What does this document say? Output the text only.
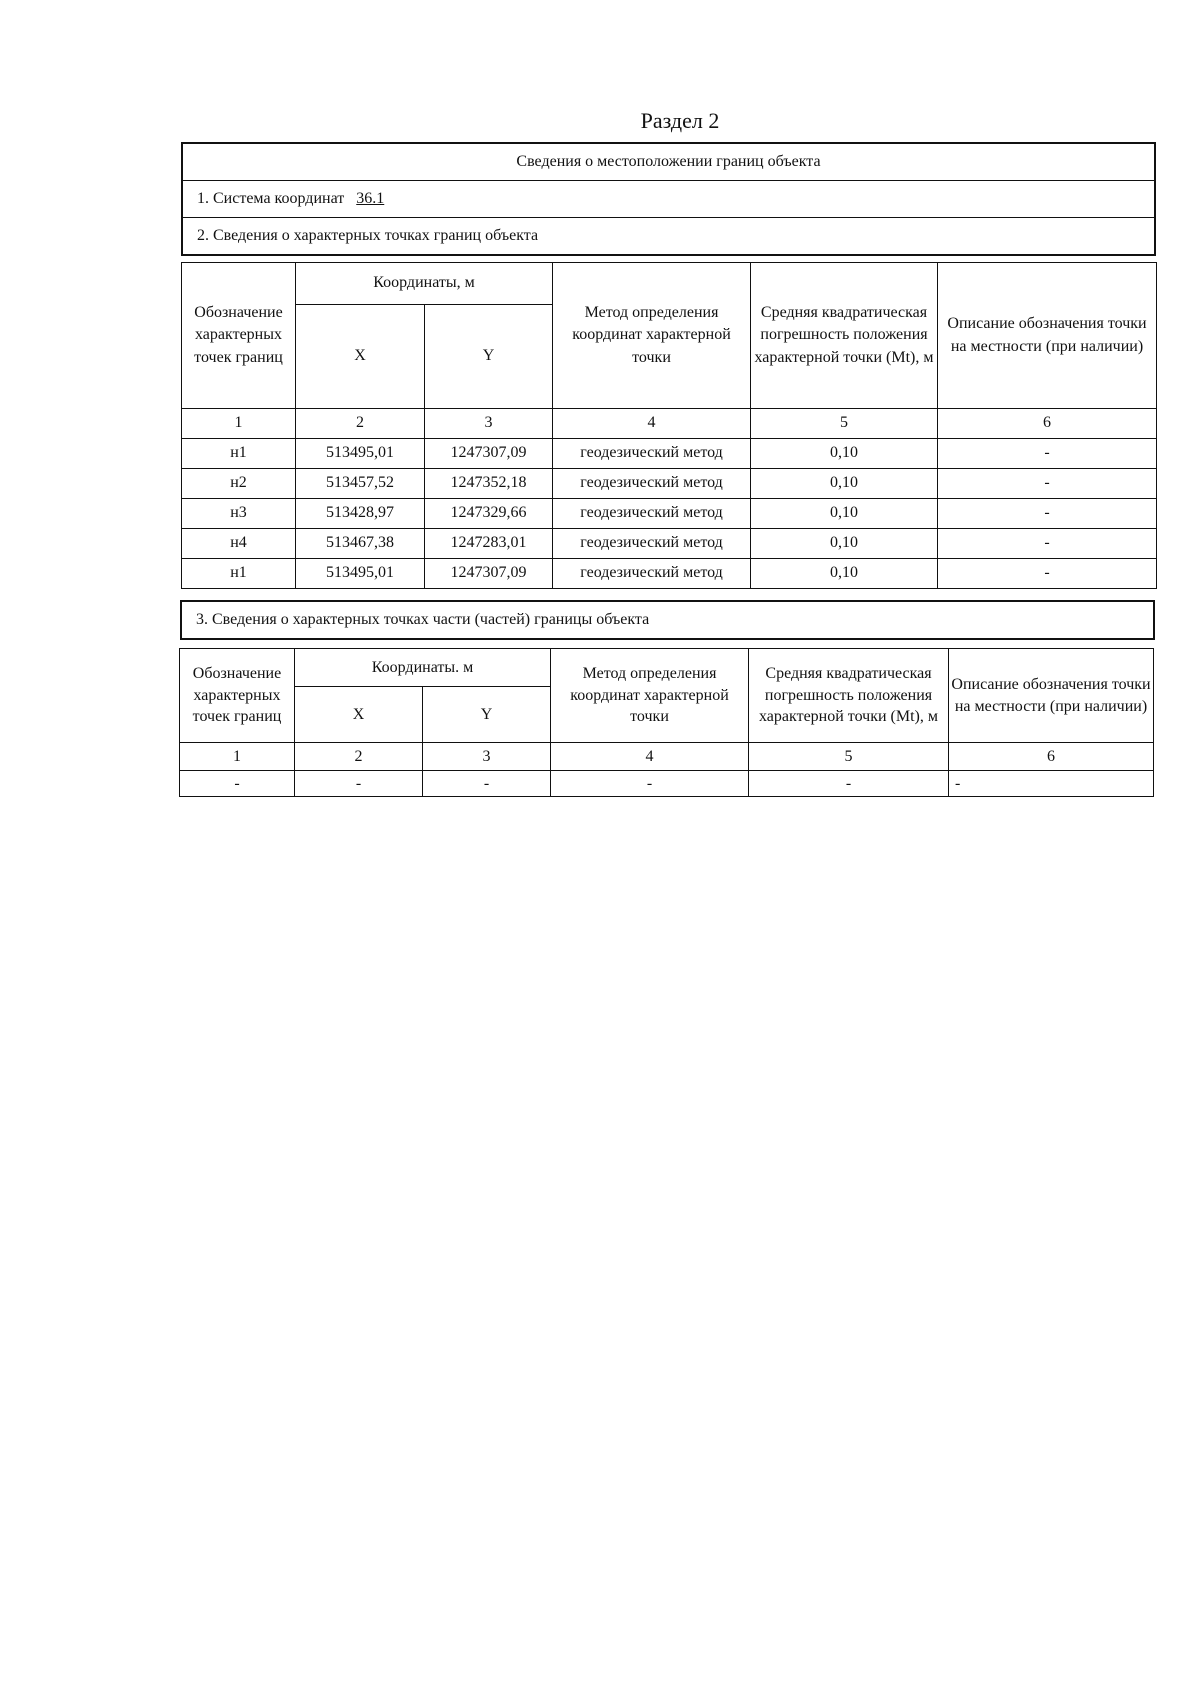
Раздел 2
Сведения о местоположении границ объекта
1. Система координат 36.1
2. Сведения о характерных точках границ объекта
Обозначение характерных точек границ	Координаты, м		Метод определения координат характерной точки	Средняя квадратическая погрешность положения характерной точки (Mt), м	Описание обозначения точки на местности (при наличии)
	X	Y			
1	2	3	4	5	6
н1	513495,01	1247307,09	геодезический метод	0,10	-
н2	513457,52	1247352,18	геодезический метод	0,10	-
н3	513428,97	1247329,66	геодезический метод	0,10	-
н4	513467,38	1247283,01	геодезический метод	0,10	-
н1	513495,01	1247307,09	геодезический метод	0,10	-
3. Сведения о характерных точках части (частей) границы объекта
Обозначение характерных точек границ	Координаты. м		Метод определения координат характерной точки	Средняя квадратическая погрешность положения характерной точки (Mt), м	Описание обозначения точки на местности (при наличии)
	X	Y			
1	2	3	4	5	6
-	-	-	-	-	-
